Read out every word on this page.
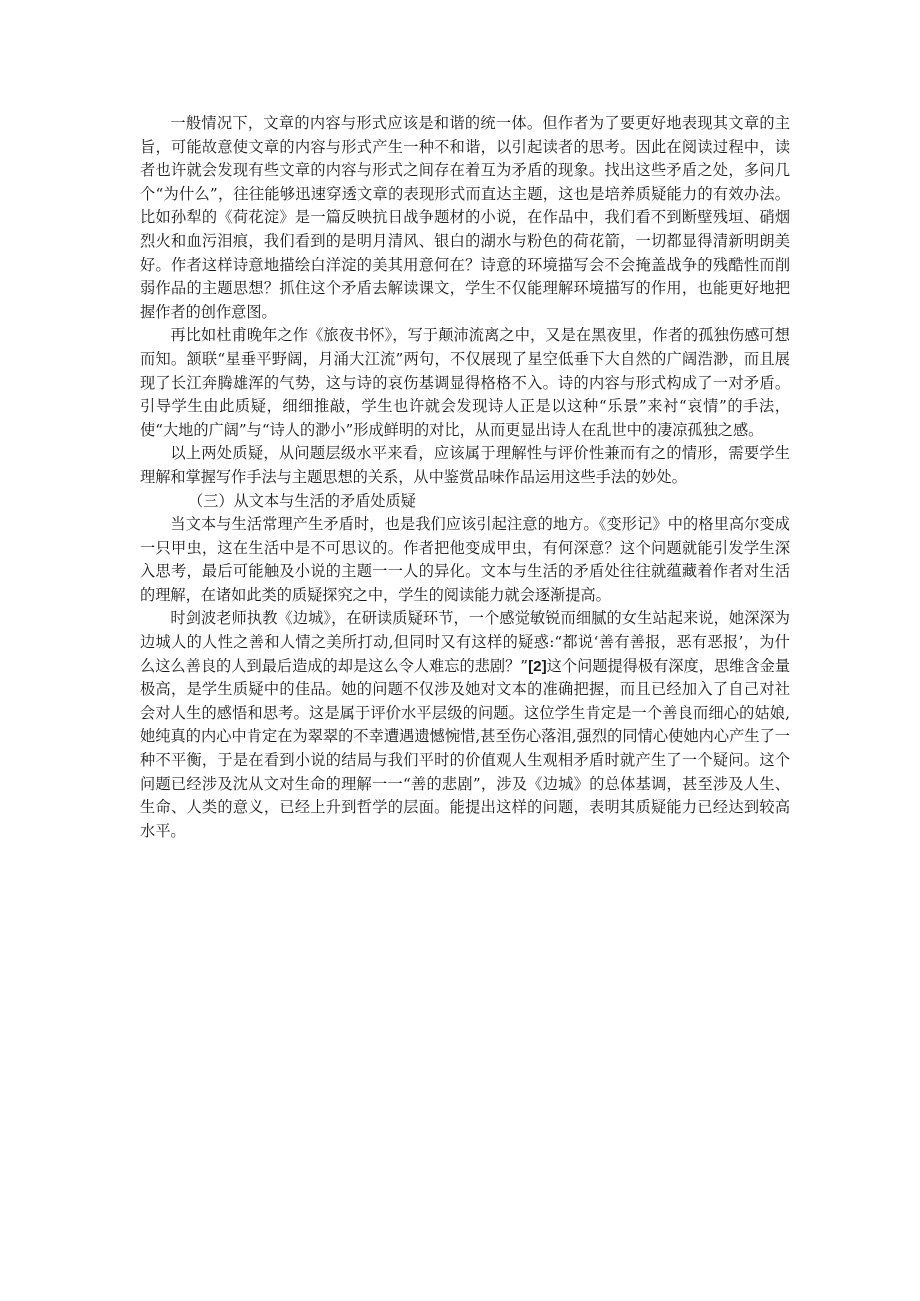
一般情况下，文章的内容与形式应该是和谐的统一体。但作者为了要更好地表现其文章的主旨，可能故意使文章的内容与形式产生一种不和谐，以引起读者的思考。因此在阅读过程中，读者也许就会发现有些文章的内容与形式之间存在着互为矛盾的现象。找出这些矛盾之处，多问几个“为什么”，往往能够迅速穿透文章的表现形式而直达主题，这也是培养质疑能力的有效办法。比如孙犁的《荷花淀》是一篇反映抗日战争题材的小说，在作品中，我们看不到断壁残垣、硝烟烈火和血污泪痕，我们看到的是明月清风、银白的湖水与粉色的荷花箭，一切都显得清新明朗美好。作者这样诗意地描绘白洋淀的美其用意何在？诗意的环境描写会不会掩盖战争的残酷性而削弱作品的主题思想？抓住这个矛盾去解读课文，学生不仅能理解环境描写的作用，也能更好地把握作者的创作意图。

再比如杜甫晚年之作《旅夜书怀》，写于颠沛流离之中，又是在黑夜里，作者的孤独伤感可想而知。颔联“星垂平野阔，月涌大江流”两句，不仅展现了星空低垂下大自然的广阔浩渺，而且展现了长江奔腾雄浑的气势，这与诗的哀伤基调显得格格不入。诗的内容与形式构成了一对矛盾。引导学生由此质疑，细细推敲，学生也许就会发现诗人正是以这种“乐景”来衬“哀情”的手法，使“大地的广阔”与“诗人的渺小”形成鲜明的对比，从而更显出诗人在乱世中的凄凉孤独之感。

以上两处质疑，从问题层级水平来看，应该属于理解性与评价性兼而有之的情形，需要学生理解和掌握写作手法与主题思想的关系，从中鉴赏品味作品运用这些手法的妙处。

（三）从文本与生活的矛盾处质疑

当文本与生活常理产生矛盾时，也是我们应该引起注意的地方。《变形记》中的格里高尔变成一只甲虫，这在生活中是不可思议的。作者把他变成甲虫，有何深意？这个问题就能引发学生深入思考，最后可能触及小说的主题一一人的异化。文本与生活的矛盾处往往就蕴藏着作者对生活的理解，在诸如此类的质疑探究之中，学生的阅读能力就会逐渐提高。

时剑波老师执教《边城》，在研读质疑环节，一个感觉敏锐而细腻的女生站起来说，她深深为边城人的人性之善和人情之美所打动,但同时又有这样的疑惑:“都说‘善有善报，恶有恶报’，为什么这么善良的人到最后造成的却是这么令人难忘的悲剧？”[2]这个问题提得极有深度，思维含金量极高，是学生质疑中的佳品。她的问题不仅涉及她对文本的准确把握，而且已经加入了自己对社会对人生的感悟和思考。这是属于评价水平层级的问题。这位学生肯定是一个善良而细心的姑娘,她纯真的内心中肯定在为翠翠的不幸遭遇遗憾惋惜,甚至伤心落泪,强烈的同情心使她内心产生了一种不平衡，于是在看到小说的结局与我们平时的价值观人生观相矛盾时就产生了一个疑问。这个问题已经涉及沈从文对生命的理解一一“善的悲剧”，涉及《边城》的总体基调，甚至涉及人生、生命、人类的意义，已经上升到哲学的层面。能提出这样的问题，表明其质疑能力已经达到较高水平。
